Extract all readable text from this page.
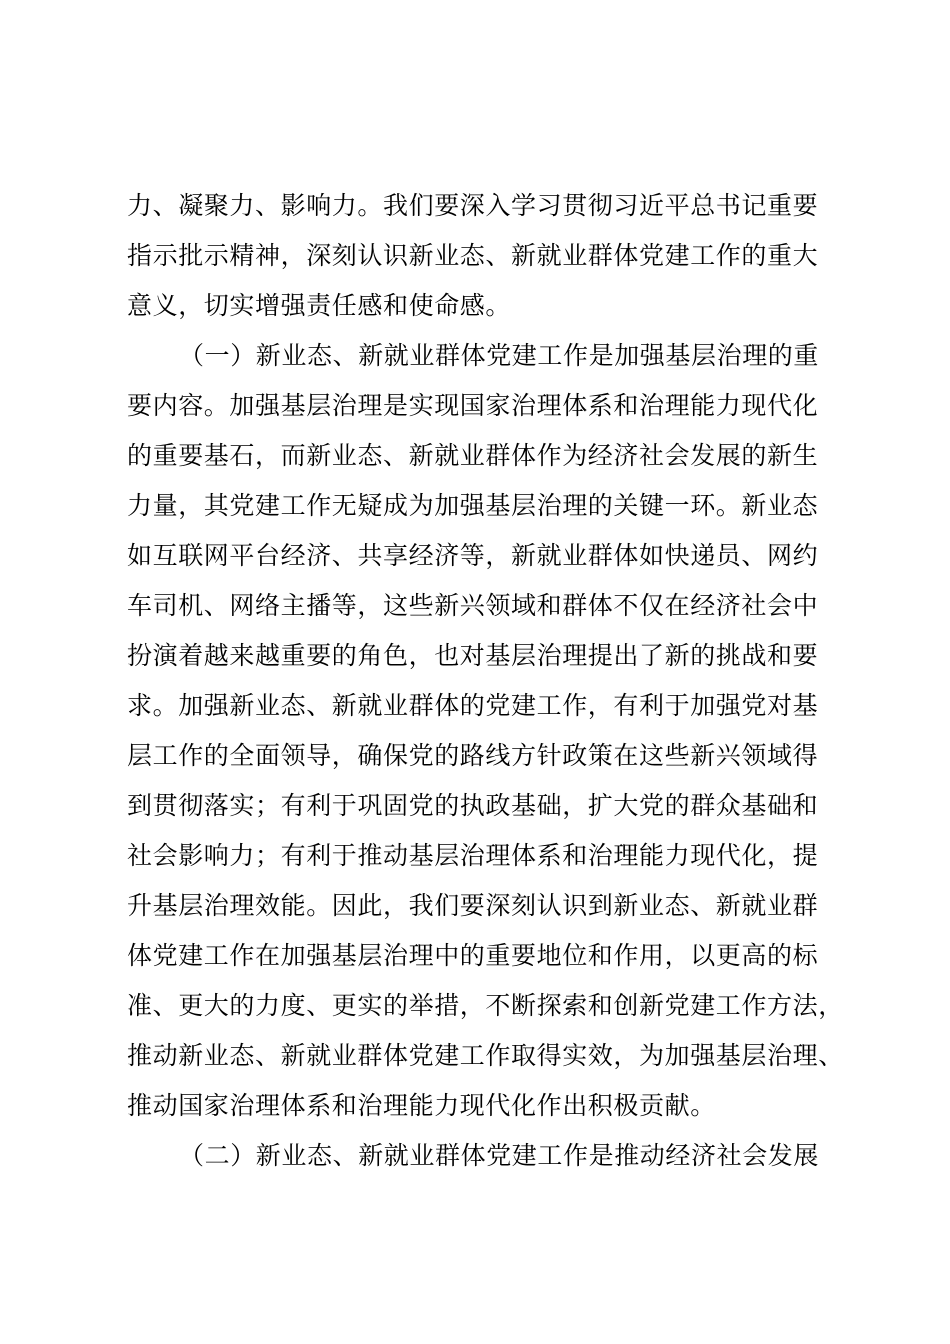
力、凝聚力、影响力。我们要深入学习贯彻习近平总书记重要
指示批示精神，深刻认识新业态、新就业群体党建工作的重大
意义，切实增强责任感和使命感。
（一）新业态、新就业群体党建工作是加强基层治理的重
要内容。加强基层治理是实现国家治理体系和治理能力现代化
的重要基石，而新业态、新就业群体作为经济社会发展的新生
力量，其党建工作无疑成为加强基层治理的关键一环。新业态
如互联网平台经济、共享经济等，新就业群体如快递员、网约
车司机、网络主播等，这些新兴领域和群体不仅在经济社会中
扮演着越来越重要的角色，也对基层治理提出了新的挑战和要
求。加强新业态、新就业群体的党建工作，有利于加强党对基
层工作的全面领导，确保党的路线方针政策在这些新兴领域得
到贯彻落实；有利于巩固党的执政基础，扩大党的群众基础和
社会影响力；有利于推动基层治理体系和治理能力现代化，提
升基层治理效能。因此，我们要深刻认识到新业态、新就业群
体党建工作在加强基层治理中的重要地位和作用，以更高的标
准、更大的力度、更实的举措，不断探索和创新党建工作方法，
推动新业态、新就业群体党建工作取得实效，为加强基层治理、
推动国家治理体系和治理能力现代化作出积极贡献。
（二）新业态、新就业群体党建工作是推动经济社会发展
